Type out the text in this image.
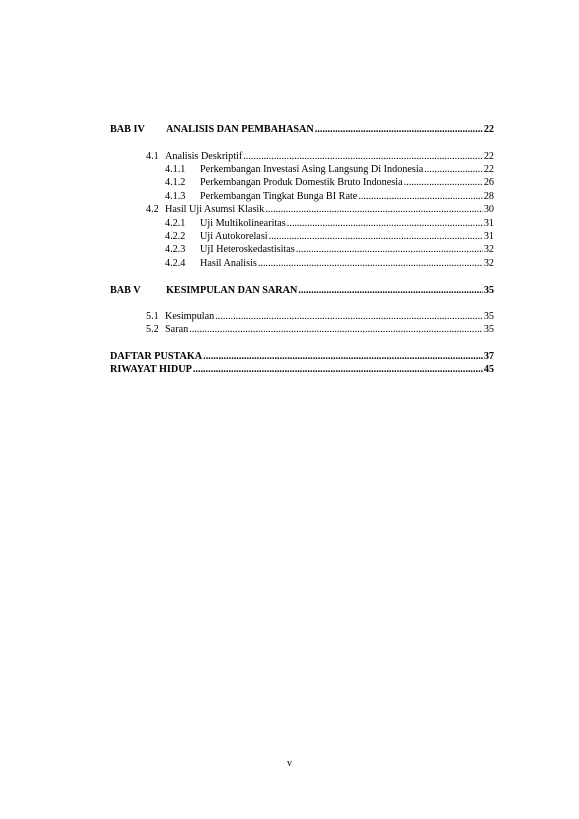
BAB IV	ANALISIS DAN PEMBAHASAN .....	22
4.1 Analisis Deskriptif .....	22
4.1.1	Perkembangan Investasi Asing Langsung Di Indonesia .....	22
4.1.2	Perkembangan Produk Domestik Bruto Indonesia .....	26
4.1.3	Perkembangan Tingkat Bunga BI Rate .....	28
4.2 Hasil Uji Asumsi Klasik .....	30
4.2.1	Uji Multikolinearitas .....	31
4.2.2	Uji Autokorelasi .....	31
4.2.3	UjI Heteroskedastisitas .....	32
4.2.4	Hasil Analisis .....	32
BAB V	KESIMPULAN DAN SARAN .....	35
5.1 Kesimpulan .....	35
5.2 Saran .....	35
DAFTAR PUSTAKA .....	37
RIWAYAT HIDUP .....	45
v
